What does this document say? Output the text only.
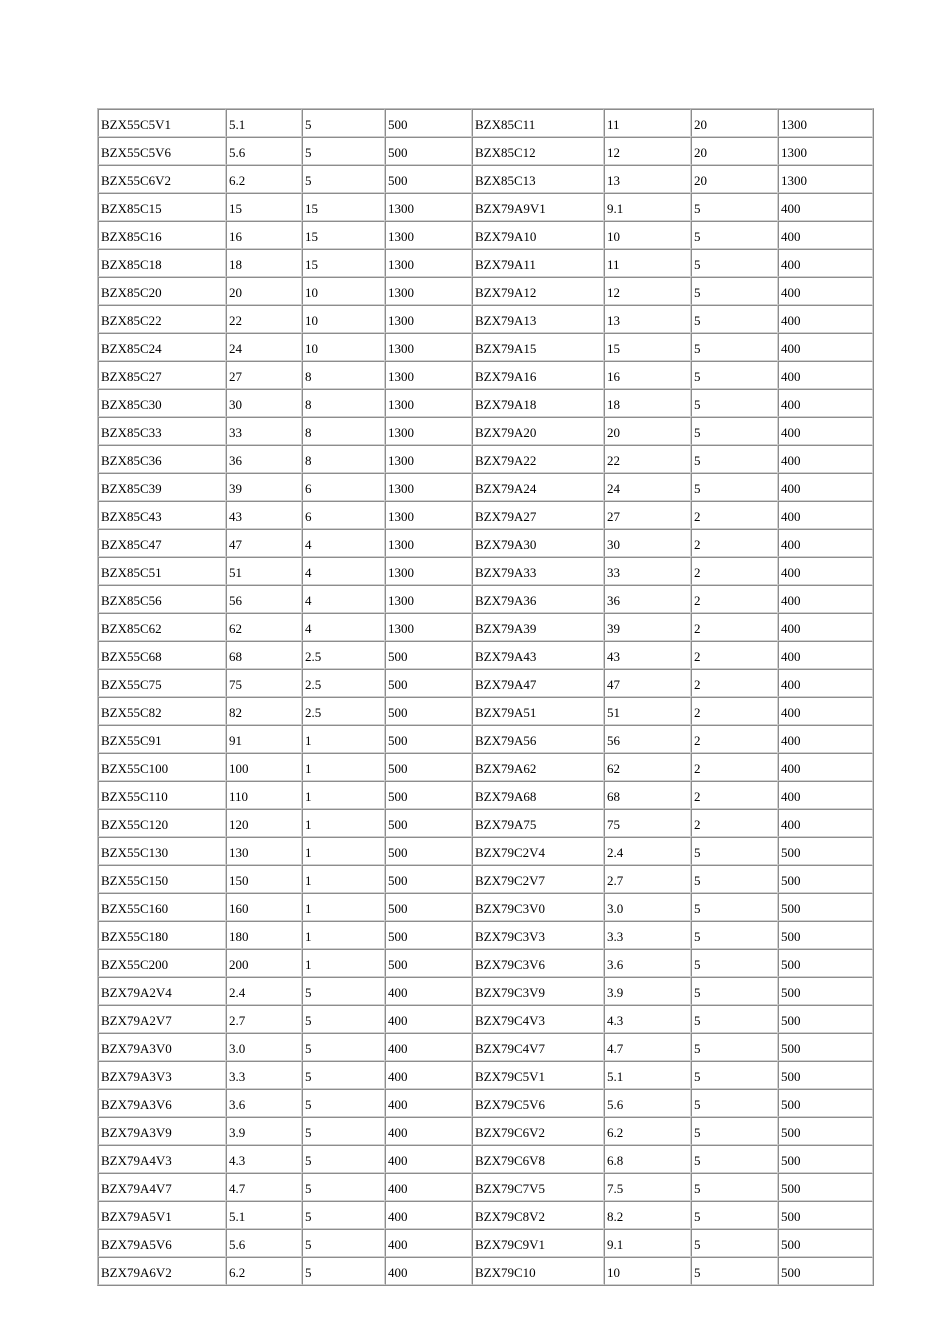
BZX55C5V1	5.1	5	500	BZX85C11	11	20	1300
BZX55C5V6	5.6	5	500	BZX85C12	12	20	1300
BZX55C6V2	6.2	5	500	BZX85C13	13	20	1300
BZX85C15	15	15	1300	BZX79A9V1	9.1	5	400
BZX85C16	16	15	1300	BZX79A10	10	5	400
BZX85C18	18	15	1300	BZX79A11	11	5	400
BZX85C20	20	10	1300	BZX79A12	12	5	400
BZX85C22	22	10	1300	BZX79A13	13	5	400
BZX85C24	24	10	1300	BZX79A15	15	5	400
BZX85C27	27	8	1300	BZX79A16	16	5	400
BZX85C30	30	8	1300	BZX79A18	18	5	400
BZX85C33	33	8	1300	BZX79A20	20	5	400
BZX85C36	36	8	1300	BZX79A22	22	5	400
BZX85C39	39	6	1300	BZX79A24	24	5	400
BZX85C43	43	6	1300	BZX79A27	27	2	400
BZX85C47	47	4	1300	BZX79A30	30	2	400
BZX85C51	51	4	1300	BZX79A33	33	2	400
BZX85C56	56	4	1300	BZX79A36	36	2	400
BZX85C62	62	4	1300	BZX79A39	39	2	400
BZX55C68	68	2.5	500	BZX79A43	43	2	400
BZX55C75	75	2.5	500	BZX79A47	47	2	400
BZX55C82	82	2.5	500	BZX79A51	51	2	400
BZX55C91	91	1	500	BZX79A56	56	2	400
BZX55C100	100	1	500	BZX79A62	62	2	400
BZX55C110	110	1	500	BZX79A68	68	2	400
BZX55C120	120	1	500	BZX79A75	75	2	400
BZX55C130	130	1	500	BZX79C2V4	2.4	5	500
BZX55C150	150	1	500	BZX79C2V7	2.7	5	500
BZX55C160	160	1	500	BZX79C3V0	3.0	5	500
BZX55C180	180	1	500	BZX79C3V3	3.3	5	500
BZX55C200	200	1	500	BZX79C3V6	3.6	5	500
BZX79A2V4	2.4	5	400	BZX79C3V9	3.9	5	500
BZX79A2V7	2.7	5	400	BZX79C4V3	4.3	5	500
BZX79A3V0	3.0	5	400	BZX79C4V7	4.7	5	500
BZX79A3V3	3.3	5	400	BZX79C5V1	5.1	5	500
BZX79A3V6	3.6	5	400	BZX79C5V6	5.6	5	500
BZX79A3V9	3.9	5	400	BZX79C6V2	6.2	5	500
BZX79A4V3	4.3	5	400	BZX79C6V8	6.8	5	500
BZX79A4V7	4.7	5	400	BZX79C7V5	7.5	5	500
BZX79A5V1	5.1	5	400	BZX79C8V2	8.2	5	500
BZX79A5V6	5.6	5	400	BZX79C9V1	9.1	5	500
BZX79A6V2	6.2	5	400	BZX79C10	10	5	500
